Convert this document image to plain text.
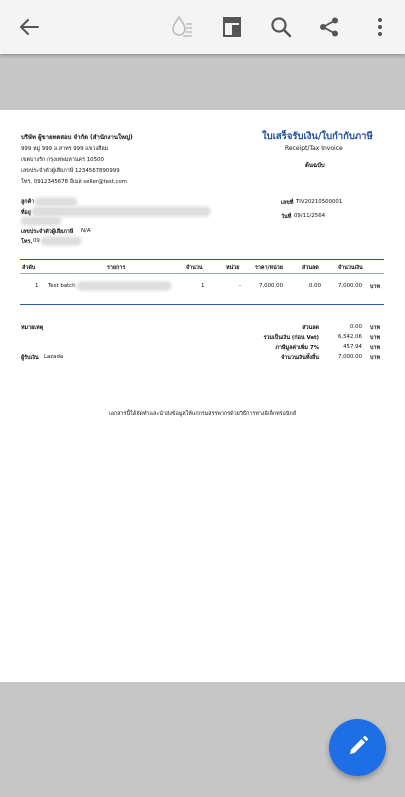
บริษัท ผู้ขายทดสอบ จำกัด (สำนักงานใหญ่)
999 หมู่ 999 อ.สาทร 999 แขวงสีลม
เขตบางรัก กรุงเทพมหานคร 10500
เลขประจำตัวผู้เสียภาษี 1234567890999
โทร. 0912345678 อีเมล seller@test.com
ใบเสร็จรับเงิน/ใบกำกับภาษี
Receipt/Tax Invoice
ต้นฉบับ
ลูกค้า
ที่อยู่
เลขประจำตัวผู้เสียภาษี N/A
โทร. 09
เลขที่ TIV20210500001
วันที่ 09/11/2564
ลำดับ	รายการ	จำนวน	หน่วย	ราคา/หน่วย	ส่วนลด	จำนวนเงิน
1 Test batch	1	-	7,000.00	0.00	7,000.00 บาท
หมายเหตุ
ผู้รับเงิน Lazada
ส่วนลด	0.00 บาท
รวมเป็นเงิน (ก่อน Vat)	6,542.06 บาท
ภาษีมูลค่าเพิ่ม 7%	457.94 บาท
จำนวนเงินทั้งสิ้น	7,000.00 บาท
เอกสารนี้ได้จัดทำและนำส่งข้อมูลให้แก่กรมสรรพากรด้วยวิธีการทางอิเล็กทรอนิกส์
